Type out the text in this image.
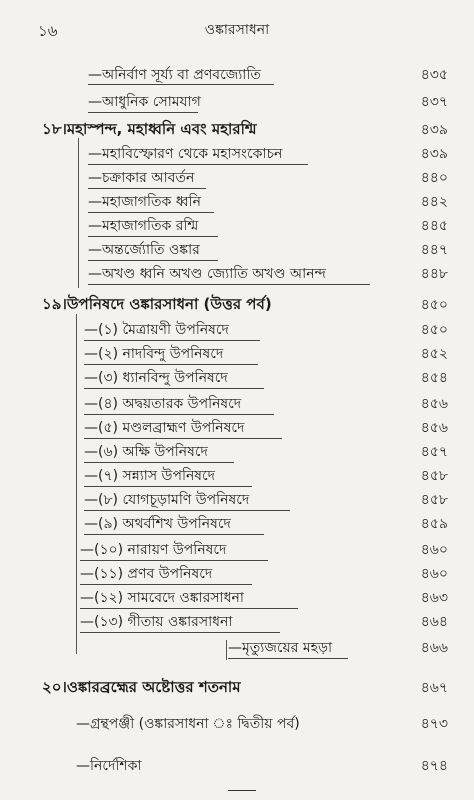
১৬	ওঙ্কারসাধনা
—অনির্বাণ সূর্য্য বা প্রণবজ্যোতি	৪৩৫
—আধুনিক সোমযাগ	৪৩৭
১৮।মহাস্পন্দ, মহাধ্বনি এবং মহারশ্মি	৪৩৯
—মহাবিস্ফোরণ থেকে মহাসংকোচন	৪৩৯
—চক্রাকার আবর্তন	৪৪০
—মহাজাগতিক ধ্বনি	৪৪২
—মহাজাগতিক রশ্মি	৪৪৫
—অন্তর্জ্যোতি ওঙ্কার	৪৪৭
—অখণ্ড ধ্বনি অখণ্ড জ্যোতি অখণ্ড আনন্দ	৪৪৮
১৯।উপনিষদে ওঙ্কারসাধনা (উত্তর পর্ব)	৪৫০
—(১) মৈত্রায়ণী উপনিষদে	৪৫০
—(২) নাদবিন্দু উপনিষদে	৪৫২
—(৩) ধ্যানবিন্দু উপনিষদে	৪৫৪
—(৪) অদ্বয়তারক উপনিষদে	৪৫৬
—(৫) মণ্ডলব্রাহ্মণ উপনিষদে	৪৫৬
—(৬) অক্ষি উপনিষদে	৪৫৭
—(৭) সন্ন্যাস উপনিষদে	৪৫৮
—(৮) যোগচূড়ামণি উপনিষদে	৪৫৮
—(৯) অথর্বশিখ উপনিষদে	৪৫৯
—(১০) নারায়ণ উপনিষদে	৪৬০
—(১১) প্রণব উপনিষদে	৪৬০
—(১২) সামবেদে ওঙ্কারসাধনা	৪৬৩
—(১৩) গীতায় ওঙ্কারসাধনা	৪৬৪
—মৃত্যুজয়ের মহড়া	৪৬৬
২০।ওঙ্কারব্রহ্মের অষ্টোত্তর শতনাম	৪৬৭
—গ্রন্থপঞ্জী (ওঙ্কারসাধনা ঃ দ্বিতীয় পর্ব)	৪৭৩
—নির্দেশিকা	৪৭৪
